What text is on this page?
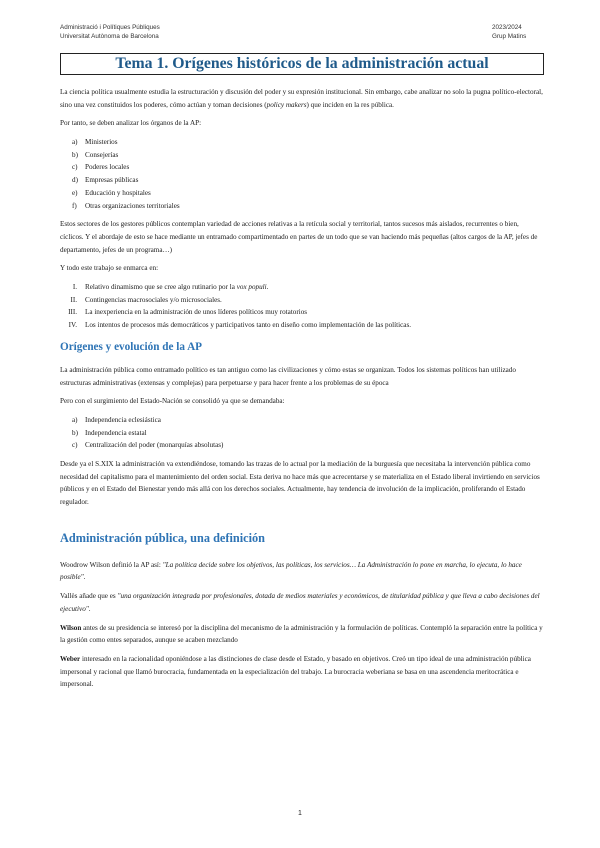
Administració i Polítiques Públiques
Universitat Autònoma de Barcelona
2023/2024
Grup Matins
Tema 1. Orígenes históricos de la administración actual

La ciencia política usualmente estudia la estructuración y discusión del poder y su expresión institucional. Sin embargo, cabe analizar no solo la pugna político-electoral, sino una vez constituidos los poderes, cómo actúan y toman decisiones (policy makers) que inciden en la res pública.

Por tanto, se deben analizar los órganos de la AP:

a) Ministerios
b) Consejerías
c) Poderes locales
d) Empresas públicas
e) Educación y hospitales
f) Otras organizaciones territoriales

Estos sectores de los gestores públicos contemplan variedad de acciones relativas a la retícula social y territorial, tantos sucesos más aislados, recurrentes o bien, cíclicos. Y el abordaje de esto se hace mediante un entramado compartimentado en partes de un todo que se van haciendo más pequeñas (altos cargos de la AP, jefes de departamento, jefes de un programa…)

Y todo este trabajo se enmarca en:

I. Relativo dinamismo que se cree algo rutinario por la vox populi.
II. Contingencias macrosociales y/o microsociales.
III. La inexperiencia en la administración de unos líderes políticos muy rotatorios
IV. Los intentos de procesos más democráticos y participativos tanto en diseño como implementación de las políticas.
Orígenes y evolución de la AP

La administración pública como entramado político es tan antiguo como las civilizaciones y cómo estas se organizan. Todos los sistemas políticos han utilizado estructuras administrativas (extensas y complejas) para perpetuarse y para hacer frente a los problemas de su época

Pero con el surgimiento del Estado-Nación se consolidó ya que se demandaba:

a) Independencia eclesiástica
b) Independencia estatal
c) Centralización del poder (monarquías absolutas)

Desde ya el S.XIX la administración va extendiéndose, tomando las trazas de lo actual por la mediación de la burguesía que necesitaba la intervención pública como necesidad del capitalismo para el mantenimiento del orden social. Esta deriva no hace más que acrecentarse y se materializa en el Estado liberal invirtiendo en servicios públicos y en el Estado del Bienestar yendo más allá con los derechos sociales. Actualmente, hay tendencia de involución de la implicación, proliferando el Estado regulador.

Administración pública, una definición

Woodrow Wilson definió la AP así: "La política decide sobre los objetivos, las políticas, los servicios… La Administración lo pone en marcha, lo ejecuta, lo hace posible".

Vallès añade que es "una organización integrada por profesionales, dotada de medios materiales y económicos, de titularidad pública y que lleva a cabo decisiones del ejecutivo".

Wilson antes de su presidencia se interesó por la disciplina del mecanismo de la administración y la formulación de políticas. Contempló la separación entre la política y la gestión como entes separados, aunque se acaben mezclando

Weber interesado en la racionalidad oponiéndose a las distinciones de clase desde el Estado, y basado en objetivos. Creó un tipo ideal de una administración pública impersonal y racional que llamó burocracia, fundamentada en la especialización del trabajo. La burocracia weberiana se basa en una ascendencia meritocrática e impersonal.

1
